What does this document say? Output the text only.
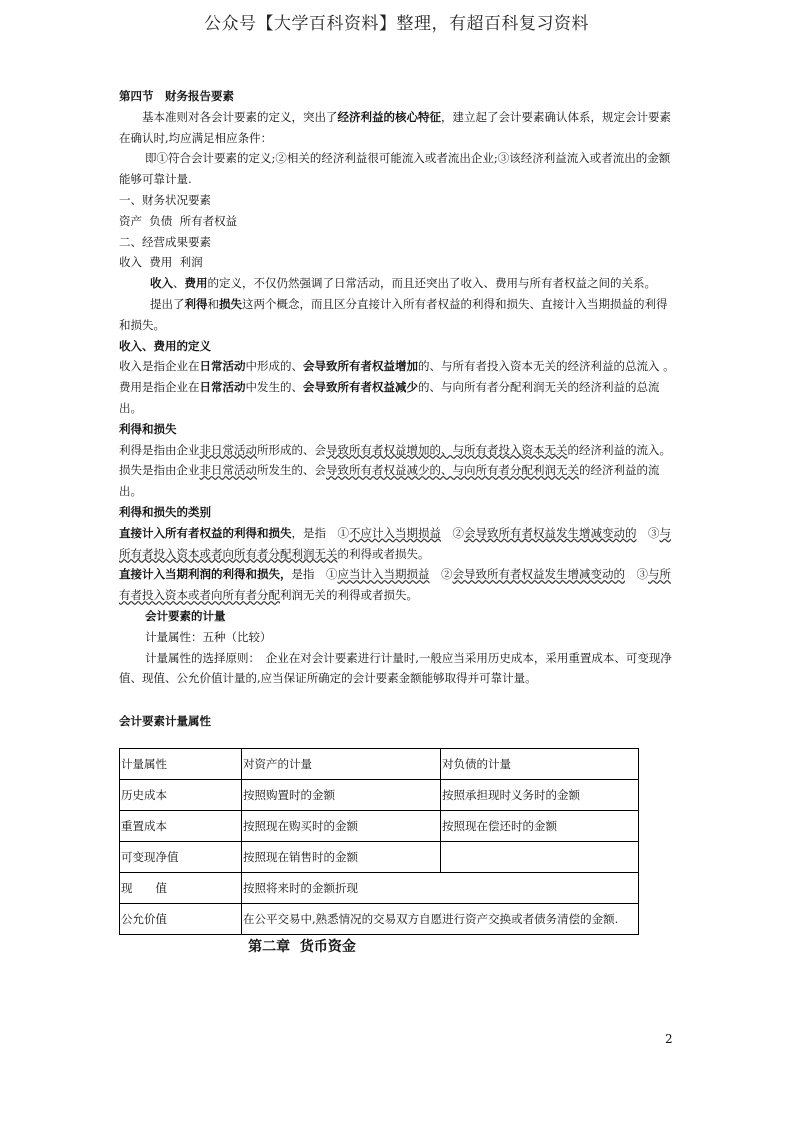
公众号【大学百科资料】整理，有超百科复习资料

第四节　财务报告要素

基本准则对各会计要素的定义，突出了经济利益的核心特征，建立起了会计要素确认体系，规定会计要素在确认时,均应满足相应条件：

即①符合会计要素的定义;②相关的经济利益很可能流入或者流出企业;③该经济利益流入或者流出的金额能够可靠计量.

一、财务状况要素

资产  负债  所有者权益

二、经营成果要素

收入  费用  利润

收入、费用的定义，不仅仍然强调了日常活动，而且还突出了收入、费用与所有者权益之间的关系。

提出了利得和损失这两个概念，而且区分直接计入所有者权益的利得和损失、直接计入当期损益的利得和损失。

收入、费用的定义

收入是指企业在日常活动中形成的、会导致所有者权益增加的、与所有者投入资本无关的经济利益的总流入 。

费用是指企业在日常活动中发生的、会导致所有者权益减少的、与向所有者分配利润无关的经济利益的总流出。

利得和损失

利得是指由企业非日常活动所形成的、会导致所有者权益增加的、与所有者投入资本无关的经济利益的流入。

损失是指由企业非日常活动所发生的、会导致所有者权益减少的、与向所有者分配利润无关的经济利益的流出。

利得和损失的类别

直接计入所有者权益的利得和损失，是指　①不应计入当期损益　②会导致所有者权益发生增减变动的　③与所有者投入资本或者向所有者分配利润无关的利得或者损失。

直接计入当期利润的利得和损失，是指　①应当计入当期损益　②会导致所有者权益发生增减变动的　③与所有者投入资本或者向所有者分配利润无关的利得或者损失。

会计要素的计量

计量属性：五种（比较）

计量属性的选择原则：　企业在对会计要素进行计量时,一般应当采用历史成本，采用重置成本、可变现净值、现值、公允价值计量的,应当保证所确定的会计要素金额能够取得并可靠计量。

会计要素计量属性

计量属性	对资产的计量	对负债的计量
历史成本	按照购置时的金额	按照承担现时义务时的金额
重置成本	按照现在购买时的金额	按照现在偿还时的金额
可变现净值	按照现在销售时的金额	
现　　值	按照将来时的金额折现	
公允价值	在公平交易中,熟悉情况的交易双方自愿进行资产交换或者债务清偿的金额.	
第二章  货币资金
2
